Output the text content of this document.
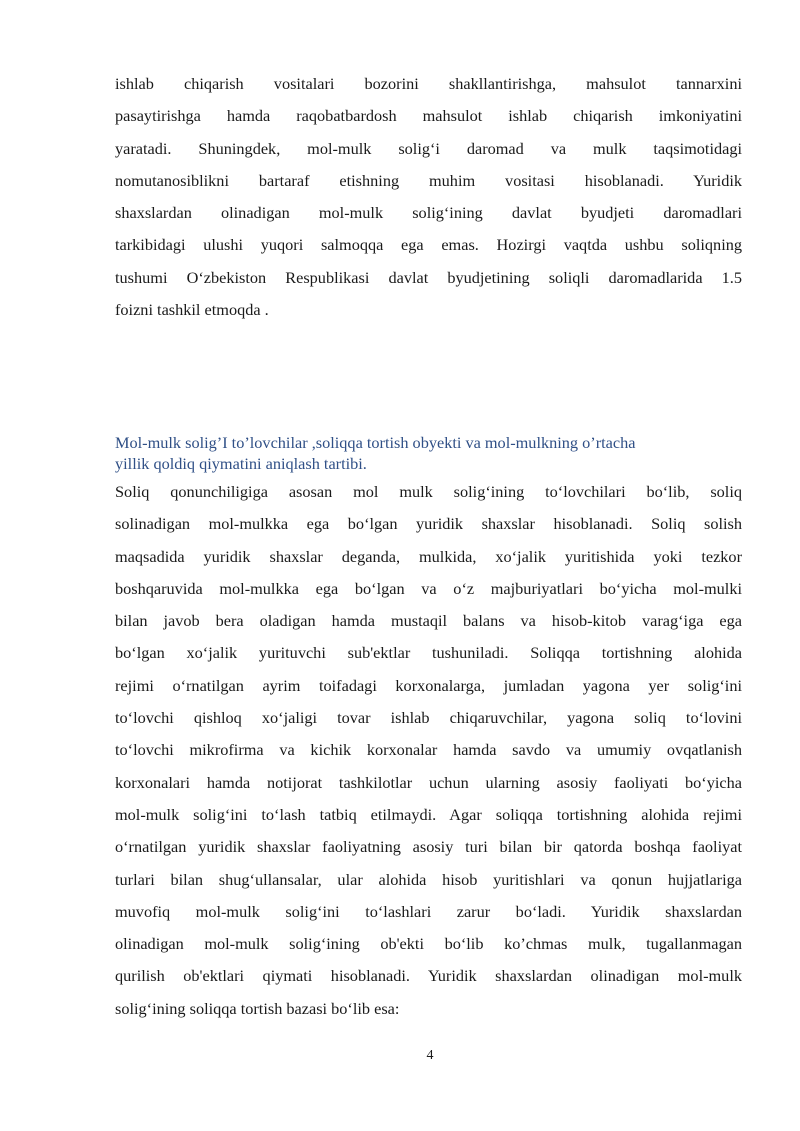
ishlab chiqarish vositalari bozorini shakllantirishga, mahsulot tannarxini
pasaytirishga hamda raqobatbardosh mahsulot ishlab chiqarish imkoniyatini
yaratadi. Shuningdek, mol-mulk solig‘i daromad va mulk taqsimotidagi
nomutanosiblikni bartaraf etishning muhim vositasi hisoblanadi. Yuridik
shaxslardan olinadigan mol-mulk solig‘ining davlat byudjeti daromadlari
tarkibidagi ulushi yuqori salmoqqa ega emas. Hozirgi vaqtda ushbu soliqning
tushumi O‘zbekiston Respublikasi davlat byudjetining soliqli daromadlarida 1.5
foizni tashkil etmoqda .
Mol-mulk solig’I to’lovchilar ,soliqqa tortish obyekti va mol-mulkning o’rtacha
yillik qoldiq qiymatini aniqlash tartibi.
Soliq qonunchiligiga asosan mol mulk solig‘ining to‘lovchilari bo‘lib, soliq
solinadigan mol-mulkka ega bo‘lgan yuridik shaxslar hisoblanadi. Soliq solish
maqsadida yuridik shaxslar deganda, mulkida, xo‘jalik yuritishida yoki tezkor
boshqaruvida mol-mulkka ega bo‘lgan va o‘z majburiyatlari bo‘yicha mol-mulki
bilan javob bera oladigan hamda mustaqil balans va hisob-kitob varag‘iga ega
bo‘lgan xo‘jalik yurituvchi sub'ektlar tushuniladi. Soliqqa tortishning alohida
rejimi o‘rnatilgan ayrim toifadagi korxonalarga, jumladan yagona yer solig‘ini
to‘lovchi qishloq xo‘jaligi tovar ishlab chiqaruvchilar, yagona soliq to‘lovini
to‘lovchi mikrofirma va kichik korxonalar hamda savdo va umumiy ovqatlanish
korxonalari hamda notijorat tashkilotlar uchun ularning asosiy faoliyati bo‘yicha
mol-mulk solig‘ini to‘lash tatbiq etilmaydi. Agar soliqqa tortishning alohida rejimi
o‘rnatilgan yuridik shaxslar faoliyatning asosiy turi bilan bir qatorda boshqa faoliyat
turlari bilan shug‘ullansalar, ular alohida hisob yuritishlari va qonun hujjatlariga
muvofiq mol-mulk solig‘ini to‘lashlari zarur bo‘ladi. Yuridik shaxslardan
olinadigan mol-mulk solig‘ining ob'ekti bo‘lib ko’chmas mulk, tugallanmagan
qurilish ob'ektlari qiymati hisoblanadi. Yuridik shaxslardan olinadigan mol-mulk
solig‘ining soliqqa tortish bazasi bo‘lib esa:
4
